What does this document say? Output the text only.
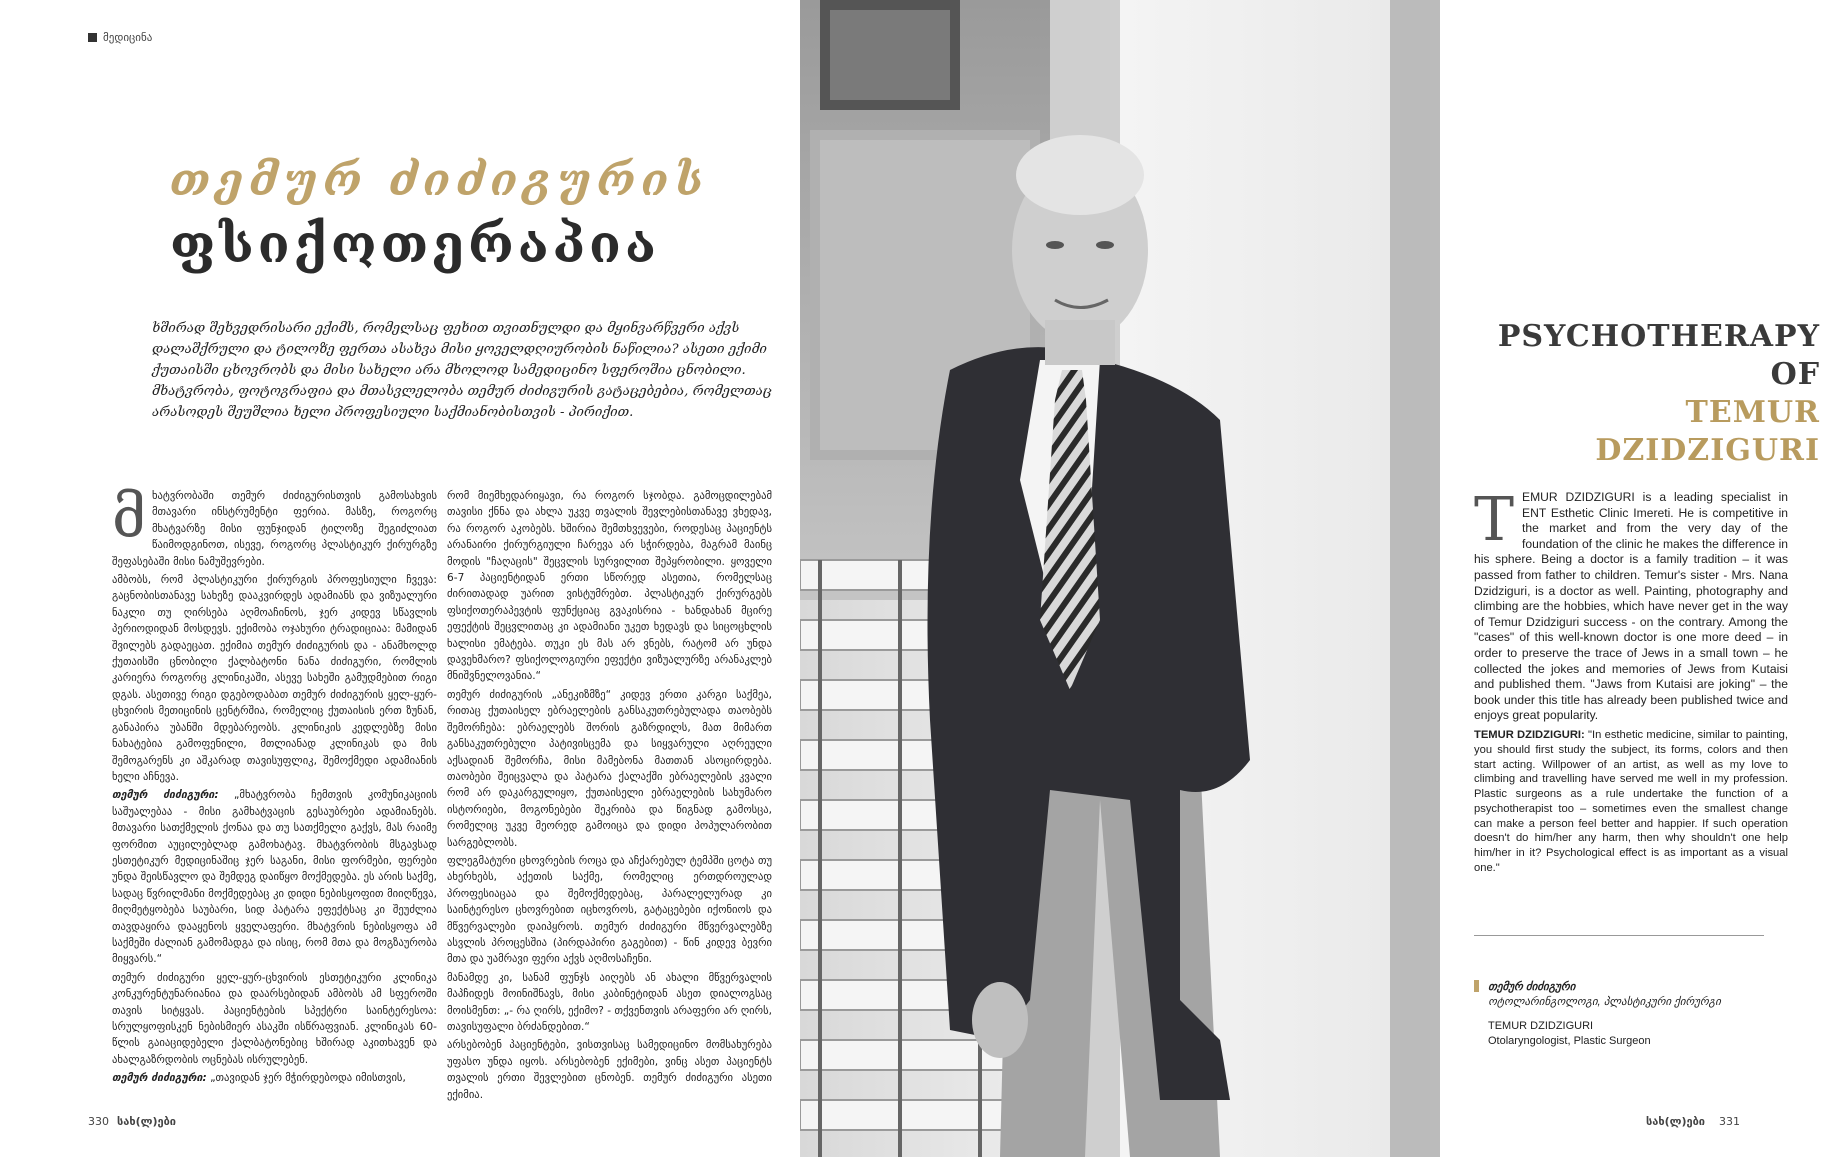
მედიცინა
თემურ ძიძიგურის
ფსიქოთერაპია
ხშირად შეხვედრისარი ექიმს, რომელსაც ფეხით თვითნულდი და მყინვარწვერი აქვს დალაშქრული და ტილოზე ფერთა ასახვა მისი ყოველდღიურობის ნაწილია? ასეთი ექიმი ქუთაისში ცხოვრობს და მისი სახელი არა მხოლოდ სამედიცინო სფეროშია ცნობილი. მხატვრობა, ფოტოგრაფია და მთასვლელობა თემურ ძიძიგურის გატაცებებია, რომელთაც არასოდეს შეუშლია ხელი პროფესიული საქმიანობისთვის - პირიქით.

მხატვრობაში თემურ ძიძიგურისთვის გამოსახვის მთავარი ინსტრუმენტი ფერია. მასზე, როგორც მხატვარზე მისი ფუნჯიდან ტილოზე შეგიძლიათ წაიმოდგინოთ, ისევე, როგორც პლასტიკურ ქირურგზე შეფასებაში მისი ნამუშევრები.

ამბობს, რომ პლასტიკური ქირურგის პროფესიული ჩვევა: გაცნობისთანავე სახეზე დააკვირდეს ადამიანს და ვიზუალური ნაკლი თუ ღირსება აღმოაჩინოს, ჯერ კიდევ სწავლის პერიოდიდან მოსდევს. ექიმობა ოჯახური ტრადიციაა: მამიდან შვილებს გადაეცათ. ექიმია თემურ ძიძიგურის და - ანამხოლდ ქუთაისში ცნობილი ქალბატონი ნანა ძიძიგური, რომლის კარიერა როგორც კლინიკაში, ასევე სახეში გამუდმებით რიგი დგას. ასეთივე რიგი დგებოდაბათ თემურ ძიძიგურის ყელ-ყურ-ცხვირის მეთიცინის ცენტრშია, რომელიც ქუთაისის ერთ ზუნან, განაპირა უბანში მდებარეობს. კლინიკის კედლებზე მისი ნახატებია გამოფენილი, მთლიანად კლინიკას და მის შემოგარენს კი აშკარად თავისუფლიკ, შემოქმედი ადამიანის ხელი აჩნევა.

თემურ ძიძიგური: „მხატვრობა ჩემთვის კომუნიკაციის საშუალებაა - მისი გამხატვაცის გესაუბრები ადამიანებს. მთავარი სათქმელის ქონაა და თუ სათქმელი გაქვს, მას რაიმე ფორმით აუცილებლად გამოხატავ. მხატვრობის მსგავსად ესთეტიკურ მედიცინაშიც ჯერ საგანი, მისი ფორმები, ფერები უნდა შეისწავლო და შემდეგ დაიწყო მოქმედება. ეს არის საქმე, სადაც წვრილმანი მოქმედებაც კი დიდი ნებისყოფით მიიღწევა, მიღმეტყობება საუბარი, სიდ პატარა ეფექტსაც კი შეუძლია თავდაყირა დააყენოს ყველაფერი. მხატვრის ნებისყოფა ამ საქმეში ძალიან გამომადგა და ისიც, რომ მთა და მოგზაურობა მიყვარს.“

თემურ ძიძიგური ყელ-ყურ-ცხვირის ესთეტიკური კლინიკა კონკურენტუნარიანია და დაარსებიდან ამბობს ამ სფეროში თავის სიტყვას. პაციენტების სპექტრი საინტერესოა: სრულყოფისკენ ნებისმიერ ასაკში ისწრაფვიან. კლინიკას 60-წლის გაიაციდებელი ქალბატონებიც ხშირად აკითხავენ და ახალგაზრდობის ოცნებას ისრულებენ.

თემურ ძიძიგური: „თავიდან ჯერ მჭირდებოდა იმისთვის,

რომ მიემხედარიყავი, რა როგორ სჯობდა. გამოცდილებამ თავისი ქნნა და ახლა უკვე თვალის შევლებისთანავე ვხედავ, რა როგორ აკობებს. ხშირია შემთხვევები, როდესაც პაციენტს არანაირი ქირურგიული ჩარევა არ სჭირდება, მაგრამ მაინც მოდის "ჩაღაცის" შეცვლის სურვილით შეპყრობილი. ყოველი 6-7 პაციენტიდან ერთი სწორედ ასეთია, რომელსაც ძირითადად უარით ვისტუმრებთ. პლასტიკურ ქირურგებს ფსიქოთერაპევტის ფუნქციაც გვაკისრია - ხანდახან მცირე ეფექტის შეცვლითაც კი ადამიანი უკეთ ხედავს და სიცოცხლის ხალისი ემატება. თუკი ეს მას არ ვნებს, რატომ არ უნდა დავეხმარო? ფსიქოლოგიური ეფექტი ვიზუალურზე არანაკლებ მნიშვნელოვანია.“

თემურ ძიძიგურის „ანეკიზმზე“ კიდევ ერთი კარგი საქმეა, რითაც ქუთაისელ ებრაელების განსაკუთრებულადა თაობებს შემორჩება: ებრაელებს შორის გაზრდილს, მათ მიმართ განსაკუთრებული პატივისცემა და სიყვარული აღრეული აქსადიან შემორჩა, მისი მამებონა მათთან ასოცირდება. თაობები შეიცვალა და პატარა ქალაქში ებრაელების კვალი რომ არ დაკარგულიყო, ქუთაისელი ებრაელების სახუმარო ისტორიები, მოგონებები შეკრიბა და წიგნად გამოსცა, რომელიც უკვე მეორედ გამოიცა და დიდი პოპულარობით სარგებლობს.

ფლეგმატური ცხოვრების როცა და აჩქარებულ ტემპში ცოტა თუ ახერხებს, აქეთის საქმე, რომელიც ერთდროულად პროფესიაცაა და შემოქმედებაც, პარალელურად კი საინტერესო ცხოვრებით იცხოვროს, გატაცებები იქონიოს და მწვერვალები დაიპყროს. თემურ ძიძიგური მწვერვალებზე ასვლის პროცესშია (პირდაპირი გაგებით) - წინ კიდევ ბევრი მთა და უამრავი ფერი აქვს აღმოსაჩენი.

მანამდე კი, სანამ ფუნჯს აიღებს ან ახალი მწვერვალის მაპჩიდეს მოინიშნავს, მისი კაბინეტიდან ასეთ დიალოგსაც მოისმენთ: „- რა ღირს, ექიმო? - თქვენთვის არაფერი არ ღირს, თავისუფალი ბრძანდებით.“

არსებობენ პაციენტები, ვისთვისაც სამედიცინო მომსახურება უფასო უნდა იყოს. არსებობენ ექიმები, ვინც ასეთ პაციენტს თვალის ერთი შევლებით ცნობენ. თემურ ძიძიგური ასეთი ექიმია.

330 სახ(ლ)ები
PSYCHOTHERAPY OF
TEMUR DZIDZIGURI

TEMUR DZIDZIGURI is a leading specialist in ENT Esthetic Clinic Imereti. He is competitive in the market and from the very day of the foundation of the clinic he makes the difference in his sphere. Being a doctor is a family tradition – it was passed from father to children. Temur's sister - Mrs. Nana Dzidziguri, is a doctor as well. Painting, photography and climbing are the hobbies, which have never get in the way of Temur Dzidziguri success - on the contrary. Among the "cases" of this well-known doctor is one more deed – in order to preserve the trace of Jews in a small town – he collected the jokes and memories of Jews from Kutaisi and published them. "Jaws from Kutaisi are joking" – the book under this title has already been published twice and enjoys great popularity.

TEMUR DZIDZIGURI: "In esthetic medicine, similar to painting, you should first study the subject, its forms, colors and then start acting. Willpower of an artist, as well as my love to climbing and travelling have served me well in my profession. Plastic surgeons as a rule undertake the function of a psychotherapist too – sometimes even the smallest change can make a person feel better and happier. If such operation doesn't do him/her any harm, then why shouldn't one help him/her in it? Psychological effect is as important as a visual one."

თემურ ძიძიგური
ოტოლარინგოლოგი, პლასტიკური ქირურგი
TEMUR DZIDZIGURI
Otolaryngologist, Plastic Surgeon
სახ(ლ)ები 331
